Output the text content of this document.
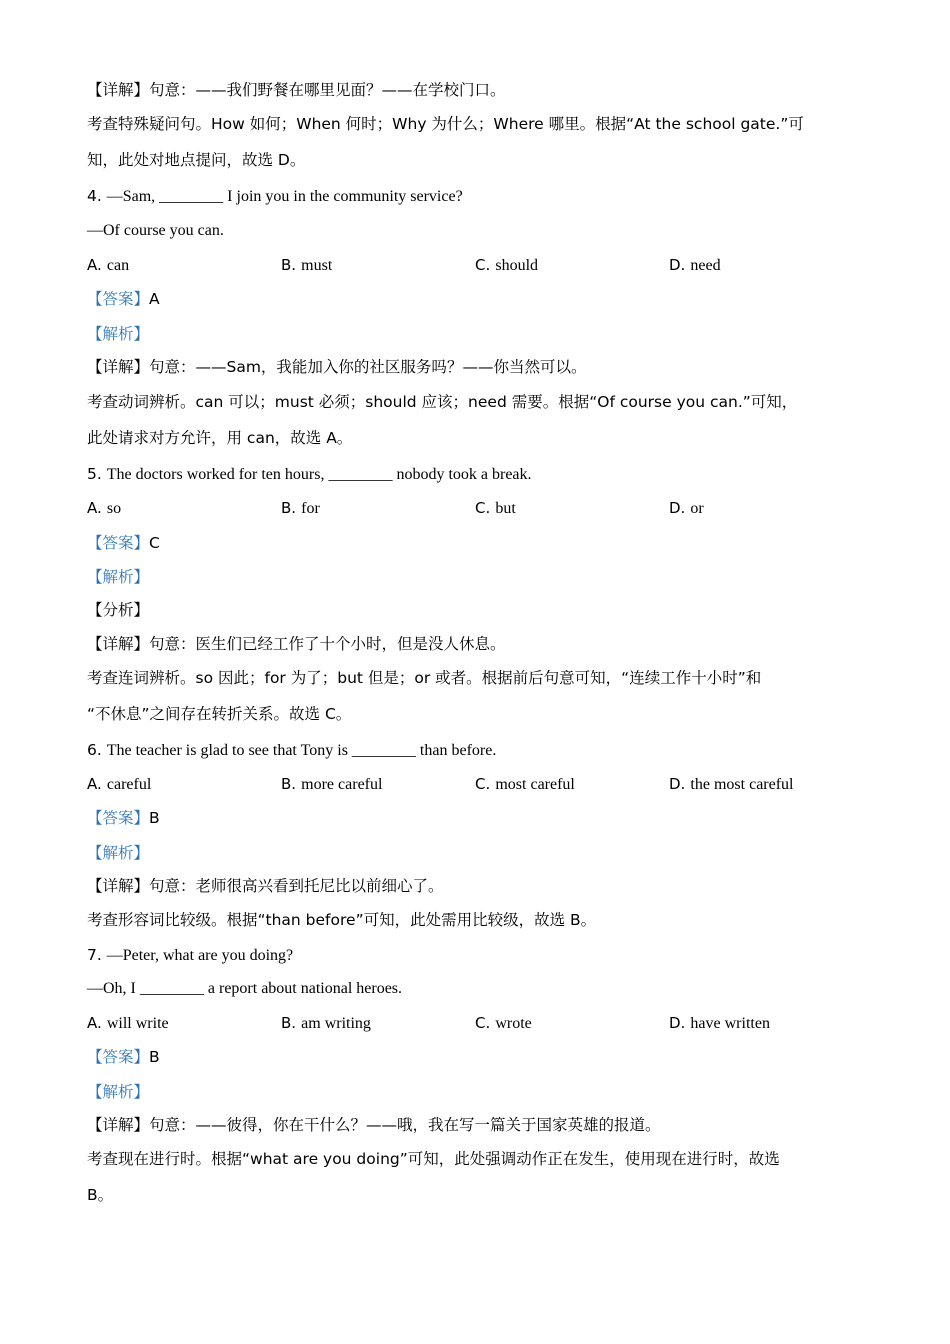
【详解】句意：——我们野餐在哪里见面？——在学校门口。
考查特殊疑问句。How 如何；When 何时；Why 为什么；Where 哪里。根据“At the school gate.”可
知，此处对地点提问，故选 D。
4. —Sam, ________ I join you in the community service?
—Of course you can.
A. can	B. must	C. should	D. need
【答案】A
【解析】
【详解】句意：——Sam，我能加入你的社区服务吗？——你当然可以。
考查动词辨析。can 可以；must 必须；should 应该；need 需要。根据“Of course you can.”可知，
此处请求对方允许，用 can，故选 A。
5. The doctors worked for ten hours, ________ nobody took a break.
A. so	B. for	C. but	D. or
【答案】C
【解析】
【分析】
【详解】句意：医生们已经工作了十个小时，但是没人休息。
考查连词辨析。so 因此；for 为了；but 但是；or 或者。根据前后句意可知，“连续工作十小时”和
“不休息”之间存在转折关系。故选 C。
6. The teacher is glad to see that Tony is ________ than before.
A. careful	B. more careful	C. most careful	D. the most careful
【答案】B
【解析】
【详解】句意：老师很高兴看到托尼比以前细心了。
考查形容词比较级。根据“than before”可知，此处需用比较级，故选 B。
7. —Peter, what are you doing?
—Oh, I ________ a report about national heroes.
A. will write	B. am writing	C. wrote	D. have written
【答案】B
【解析】
【详解】句意：——彼得，你在干什么？——哦，我在写一篇关于国家英雄的报道。
考查现在进行时。根据“what are you doing”可知，此处强调动作正在发生，使用现在进行时，故选
B。
